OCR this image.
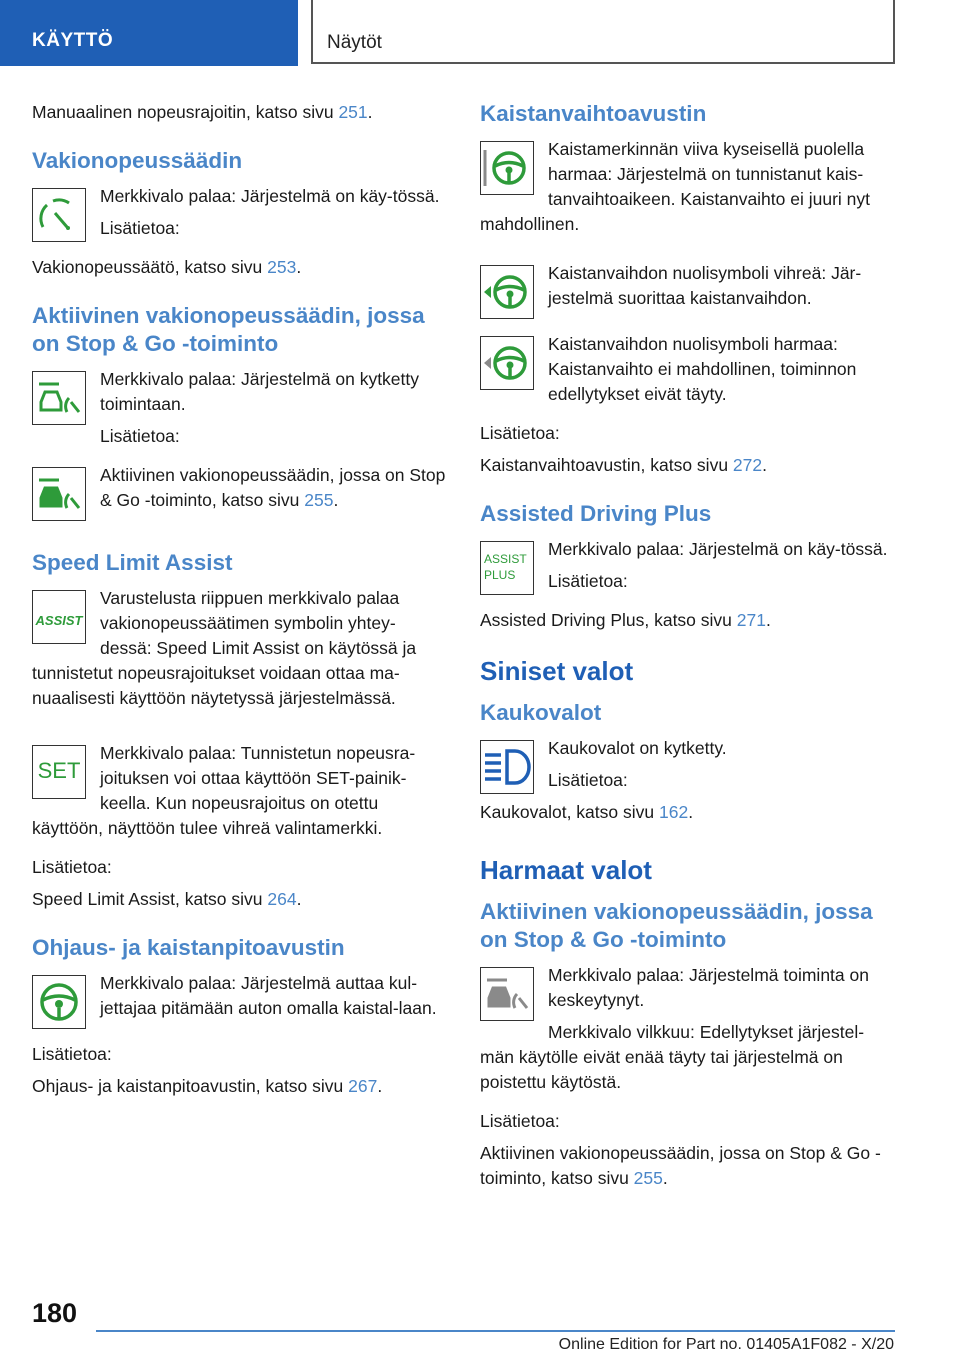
KÄYTTÖ	Näytöt

Manuaalinen nopeusrajoitin, katso sivu 251.

Vakionopeussäädin

Merkkivalo palaa: Järjestelmä on käy-tössä.

Lisätietoa:

Vakionopeussäätö, katso sivu 253.

Aktiivinen vakionopeussäädin, jossa on Stop & Go -toiminto

Merkkivalo palaa: Järjestelmä on kytketty toimintaan.

Lisätietoa:

Aktiivinen vakionopeussäädin, jossa on Stop & Go -toiminto, katso sivu 255.

Speed Limit Assist
ASSIST

Varustelusta riippuen merkkivalo palaa vakionopeussäätimen symbolin yhtey-dessä: Speed Limit Assist on käytössä ja tunnistetut nopeusrajoitukset voidaan ottaa ma-nuaalisesti käyttöön näytetyssä järjestelmässä.

SET

Merkkivalo palaa: Tunnistetun nopeusra-joituksen voi ottaa käyttöön SET-painik-keella. Kun nopeusrajoitus on otettu käyttöön, näyttöön tulee vihreä valintamerkki.

Lisätietoa:

Speed Limit Assist, katso sivu 264.

Ohjaus- ja kaistanpitoavustin

Merkkivalo palaa: Järjestelmä auttaa kul-jettajaa pitämään auton omalla kaistal-laan.

Lisätietoa:

Ohjaus- ja kaistanpitoavustin, katso sivu 267.

Kaistanvaihtoavustin

Kaistamerkinnän viiva kyseisellä puolella harmaa: Järjestelmä on tunnistanut kais-tanvaihtoaikeen. Kaistanvaihto ei juuri nyt mahdollinen.

Kaistanvaihdon nuolisymboli vihreä: Jär-jestelmä suorittaa kaistanvaihdon.

Kaistanvaihdon nuolisymboli harmaa: Kaistanvaihto ei mahdollinen, toiminnon edellytykset eivät täyty.

Lisätietoa:

Kaistanvaihtoavustin, katso sivu 272.

Assisted Driving Plus
ASSIST
PLUS

Merkkivalo palaa: Järjestelmä on käy-tössä.

Lisätietoa:

Assisted Driving Plus, katso sivu 271.

Siniset valot
Kaukovalot

Kaukovalot on kytketty.

Lisätietoa:

Kaukovalot, katso sivu 162.

Harmaat valot
Aktiivinen vakionopeussäädin, jossa on Stop & Go -toiminto

Merkkivalo palaa: Järjestelmä toiminta on keskeytynyt.

Merkkivalo vilkkuu: Edellytykset järjestel-män käytölle eivät enää täyty tai järjestelmä on poistettu käytöstä.

Lisätietoa:

Aktiivinen vakionopeussäädin, jossa on Stop & Go -toiminto, katso sivu 255.

180
Online Edition for Part no. 01405A1F082 - X/20
